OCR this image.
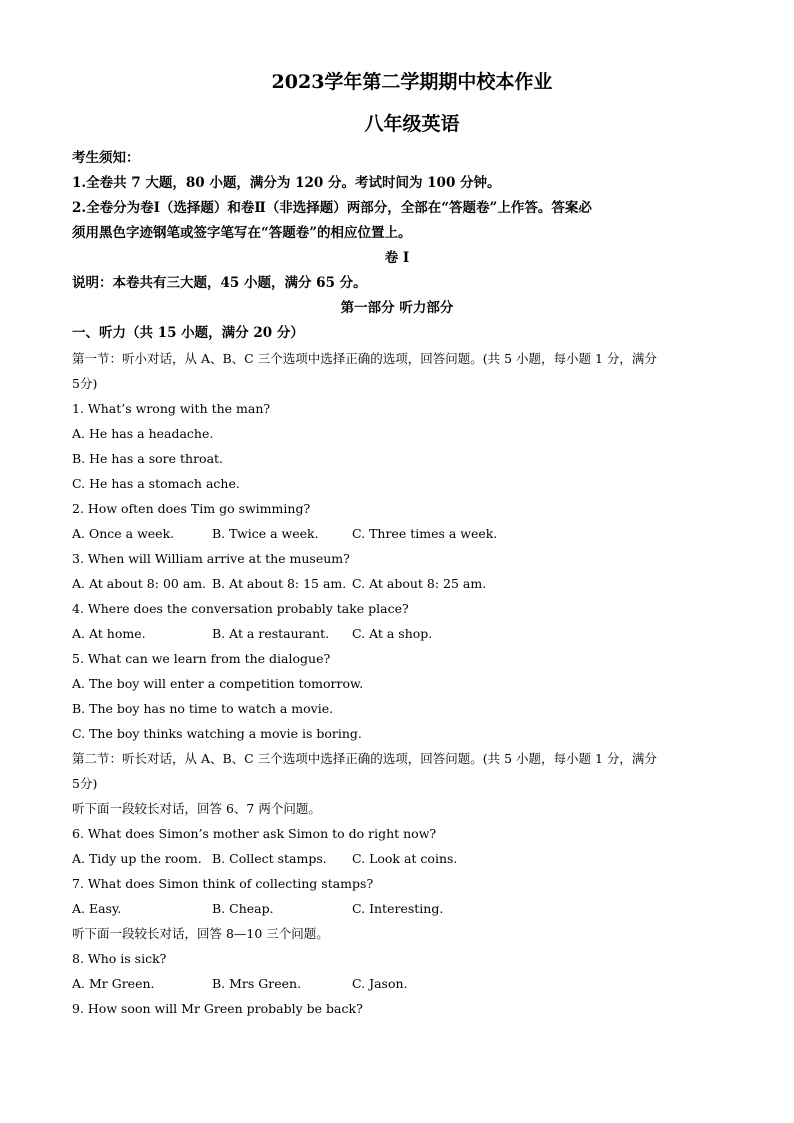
2023学年第二学期期中校本作业
八年级英语
考生须知：
1.全卷共 7 大题，80 小题，满分为 120 分。考试时间为 100 分钟。
2.全卷分为卷Ⅰ（选择题）和卷Ⅱ（非选择题）两部分，全部在“答题卷”上作答。答案必
须用黑色字迹钢笔或签字笔写在“答题卷”的相应位置上。
卷 I
说明：本卷共有三大题，45 小题，满分 65 分。
第一部分 听力部分
一、听力（共 15 小题，满分 20 分）
第一节：听小对话，从 A、B、C 三个选项中选择正确的选项，回答问题。(共 5 小题，每小题 1 分，满分
5分)
1. What’s wrong with the man?
A. He has a headache.
B. He has a sore throat.
C. He has a stomach ache.
2. How often does Tim go swimming?
A. Once a week.	B. Twice a week.	C. Three times a week.
3. When will William arrive at the museum?
A. At about 8: 00 am. B. At about 8: 15 am. C. At about 8: 25 am.
4. Where does the conversation probably take place?
A. At home.	B. At a restaurant.	C. At a shop.
5. What can we learn from the dialogue?
A. The boy will enter a competition tomorrow.
B. The boy has no time to watch a movie.
C. The boy thinks watching a movie is boring.
第二节：听长对话，从 A、B、C 三个选项中选择正确的选项，回答问题。(共 5 小题，每小题 1 分，满分
5分)
听下面一段较长对话，回答 6、7 两个问题。
6. What does Simon’s mother ask Simon to do right now?
A. Tidy up the room. B. Collect stamps.	C. Look at coins.
7. What does Simon think of collecting stamps?
A. Easy.	B. Cheap.	C. Interesting.
听下面一段较长对话，回答 8—10 三个问题。
8. Who is sick?
A. Mr Green.	B. Mrs Green.	C. Jason.
9. How soon will Mr Green probably be back?
